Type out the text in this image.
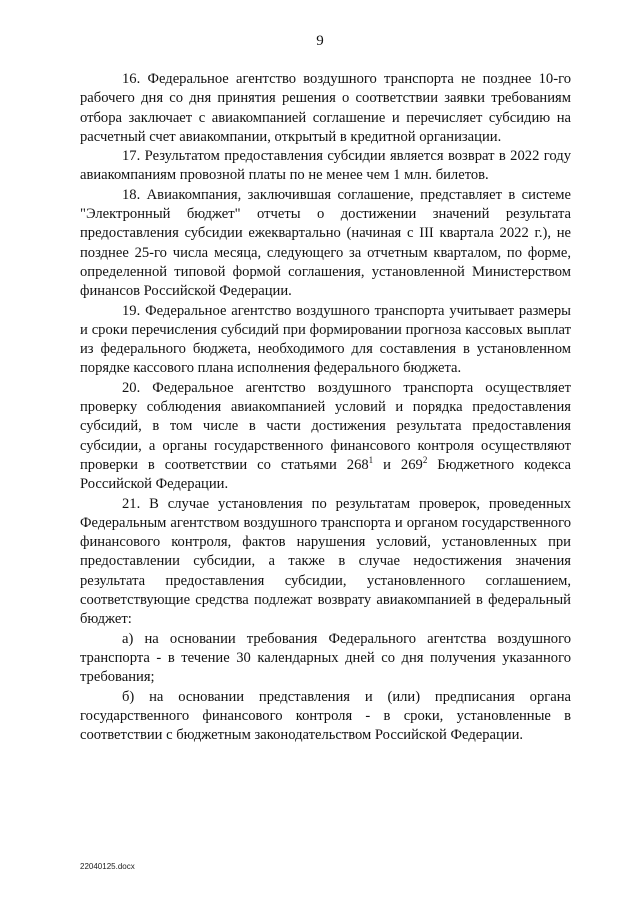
9

16. Федеральное агентство воздушного транспорта не позднее 10-го рабочего дня со дня принятия решения о соответствии заявки требованиям отбора заключает с авиакомпанией соглашение и перечисляет субсидию на расчетный счет авиакомпании, открытый в кредитной организации.

17. Результатом предоставления субсидии является возврат в 2022 году авиакомпаниям провозной платы по не менее чем 1 млн. билетов.

18. Авиакомпания, заключившая соглашение, представляет в системе "Электронный бюджет" отчеты о достижении значений результата предоставления субсидии ежеквартально (начиная с III квартала 2022 г.), не позднее 25-го числа месяца, следующего за отчетным кварталом, по форме, определенной типовой формой соглашения, установленной Министерством финансов Российской Федерации.

19. Федеральное агентство воздушного транспорта учитывает размеры и сроки перечисления субсидий при формировании прогноза кассовых выплат из федерального бюджета, необходимого для составления в установленном порядке кассового плана исполнения федерального бюджета.

20. Федеральное агентство воздушного транспорта осуществляет проверку соблюдения авиакомпанией условий и порядка предоставления субсидий, в том числе в части достижения результата предоставления субсидии, а органы государственного финансового контроля осуществляют проверки в соответствии со статьями $268^1$ и $269^2$ Бюджетного кодекса Российской Федерации.

21. В случае установления по результатам проверок, проведенных Федеральным агентством воздушного транспорта и органом государственного финансового контроля, фактов нарушения условий, установленных при предоставлении субсидии, а также в случае недостижения значения результата предоставления субсидии, установленного соглашением, соответствующие средства подлежат возврату авиакомпанией в федеральный бюджет:

а) на основании требования Федерального агентства воздушного транспорта - в течение 30 календарных дней со дня получения указанного требования;

б) на основании представления и (или) предписания органа государственного финансового контроля - в сроки, установленные в соответствии с бюджетным законодательством Российской Федерации.

22040125.docx
